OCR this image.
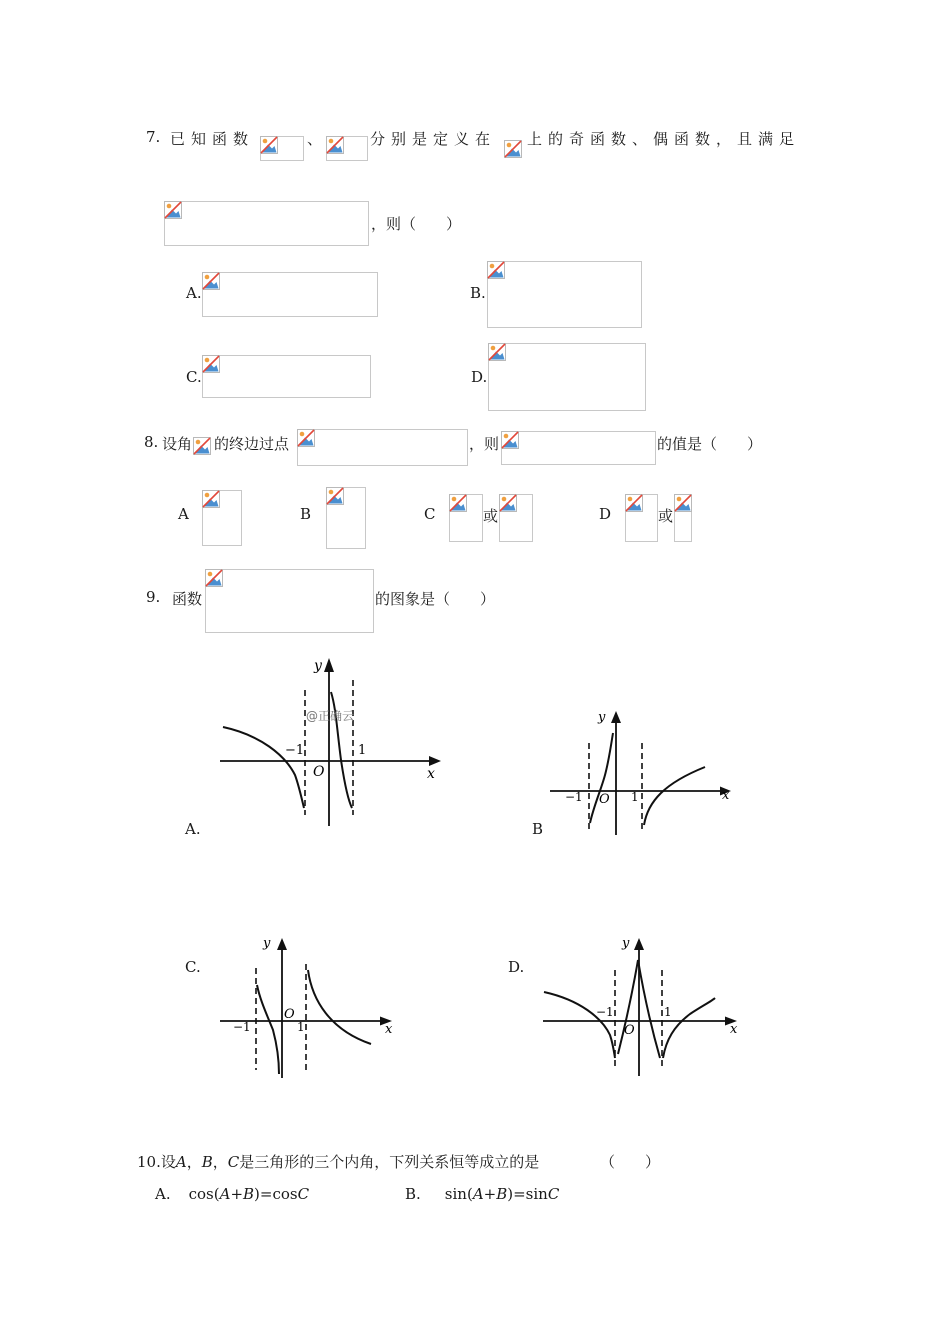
7. 已知函数	、	分别是定义在 上的奇函数、偶函数，且满足
，则（　　）
A.	B.
C.	D.
8. 设角 的终边过点	，则	的值是（　　）
A	B	C	或	D	或
9. 函数	的图象是（　　）
A.
y
x
O
−1	1
@正确云
B
y
x
O
−1	1
C.
y
x
O
−1	1
D.
y
x
O
−1	1
10.设A，B，C是三角形的三个内角，下列关系恒等成立的是	（　　）
A. cos(A+B)=cosC	B. sin(A+B)=sinC
